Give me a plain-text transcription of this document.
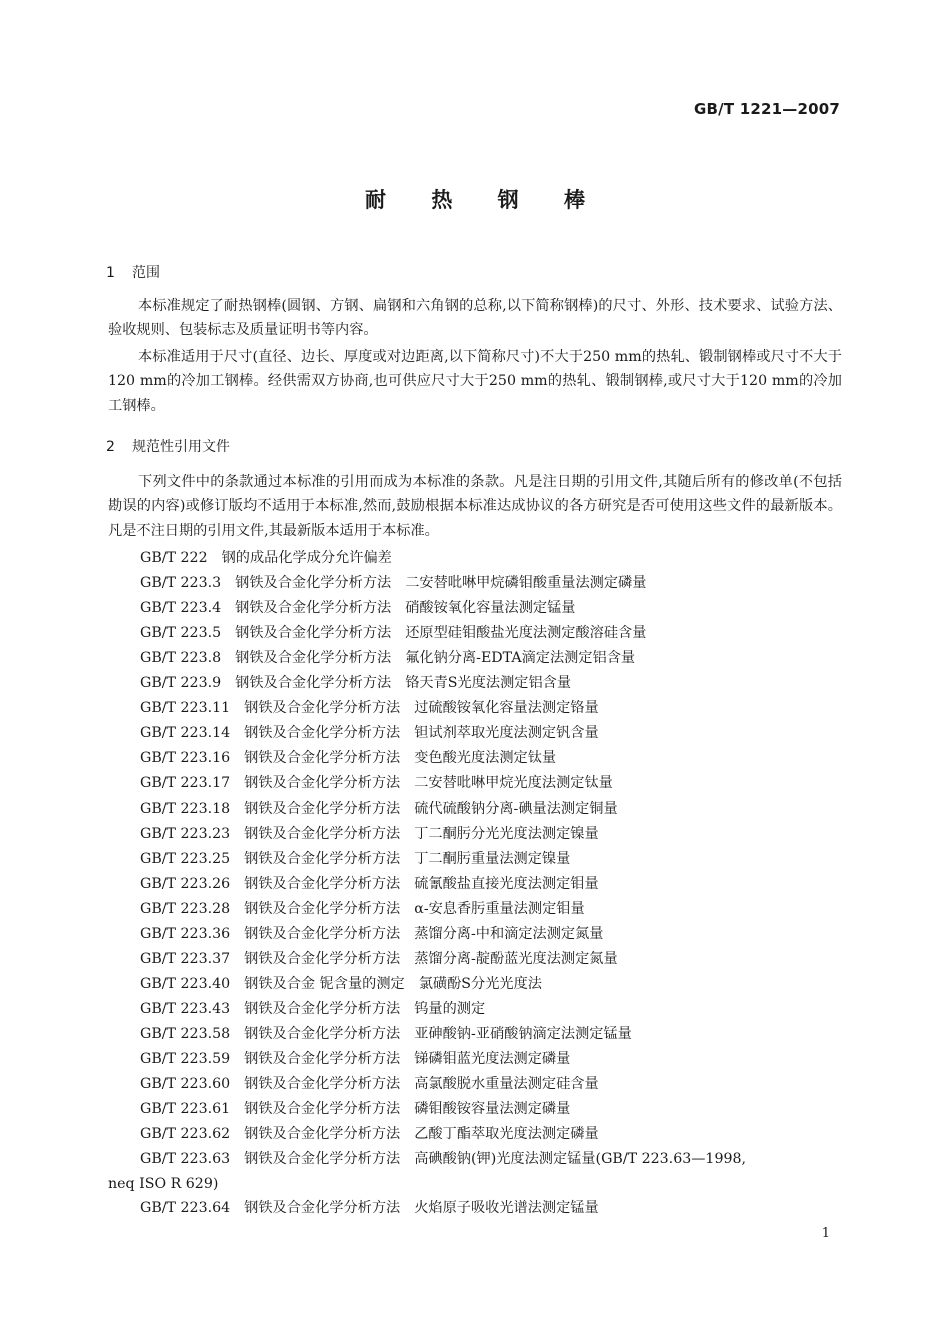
GB/T 1221—2007
耐 热 钢 棒
1 范围

本标准规定了耐热钢棒(圆钢、方钢、扁钢和六角钢的总称,以下简称钢棒)的尺寸、外形、技术要求、试验方法、验收规则、包装标志及质量证明书等内容。

本标准适用于尺寸(直径、边长、厚度或对边距离,以下简称尺寸)不大于250 mm的热轧、锻制钢棒或尺寸不大于120 mm的冷加工钢棒。经供需双方协商,也可供应尺寸大于250 mm的热轧、锻制钢棒,或尺寸大于120 mm的冷加工钢棒。

2 规范性引用文件

下列文件中的条款通过本标准的引用而成为本标准的条款。凡是注日期的引用文件,其随后所有的修改单(不包括勘误的内容)或修订版均不适用于本标准,然而,鼓励根据本标准达成协议的各方研究是否可使用这些文件的最新版本。凡是不注日期的引用文件,其最新版本适用于本标准。

GB/T 222 钢的成品化学成分允许偏差
GB/T 223.3 钢铁及合金化学分析方法 二安替吡啉甲烷磷钼酸重量法测定磷量
GB/T 223.4 钢铁及合金化学分析方法 硝酸铵氧化容量法测定锰量
GB/T 223.5 钢铁及合金化学分析方法 还原型硅钼酸盐光度法测定酸溶硅含量
GB/T 223.8 钢铁及合金化学分析方法 氟化钠分离-EDTA滴定法测定铝含量
GB/T 223.9 钢铁及合金化学分析方法 铬天青S光度法测定铝含量
GB/T 223.11 钢铁及合金化学分析方法 过硫酸铵氧化容量法测定铬量
GB/T 223.14 钢铁及合金化学分析方法 钽试剂萃取光度法测定钒含量
GB/T 223.16 钢铁及合金化学分析方法 变色酸光度法测定钛量
GB/T 223.17 钢铁及合金化学分析方法 二安替吡啉甲烷光度法测定钛量
GB/T 223.18 钢铁及合金化学分析方法 硫代硫酸钠分离-碘量法测定铜量
GB/T 223.23 钢铁及合金化学分析方法 丁二酮肟分光光度法测定镍量
GB/T 223.25 钢铁及合金化学分析方法 丁二酮肟重量法测定镍量
GB/T 223.26 钢铁及合金化学分析方法 硫氰酸盐直接光度法测定钼量
GB/T 223.28 钢铁及合金化学分析方法 α-安息香肟重量法测定钼量
GB/T 223.36 钢铁及合金化学分析方法 蒸馏分离-中和滴定法测定氮量
GB/T 223.37 钢铁及合金化学分析方法 蒸馏分离-靛酚蓝光度法测定氮量
GB/T 223.40 钢铁及合金 铌含量的测定 氯磺酚S分光光度法
GB/T 223.43 钢铁及合金化学分析方法 钨量的测定
GB/T 223.58 钢铁及合金化学分析方法 亚砷酸钠-亚硝酸钠滴定法测定锰量
GB/T 223.59 钢铁及合金化学分析方法 锑磷钼蓝光度法测定磷量
GB/T 223.60 钢铁及合金化学分析方法 高氯酸脱水重量法测定硅含量
GB/T 223.61 钢铁及合金化学分析方法 磷钼酸铵容量法测定磷量
GB/T 223.62 钢铁及合金化学分析方法 乙酸丁酯萃取光度法测定磷量
GB/T 223.63 钢铁及合金化学分析方法 高碘酸钠(钾)光度法测定锰量(GB/T 223.63—1998,
GB/T 223.64 钢铁及合金化学分析方法 火焰原子吸收光谱法测定锰量
neq ISO R 629)
1
